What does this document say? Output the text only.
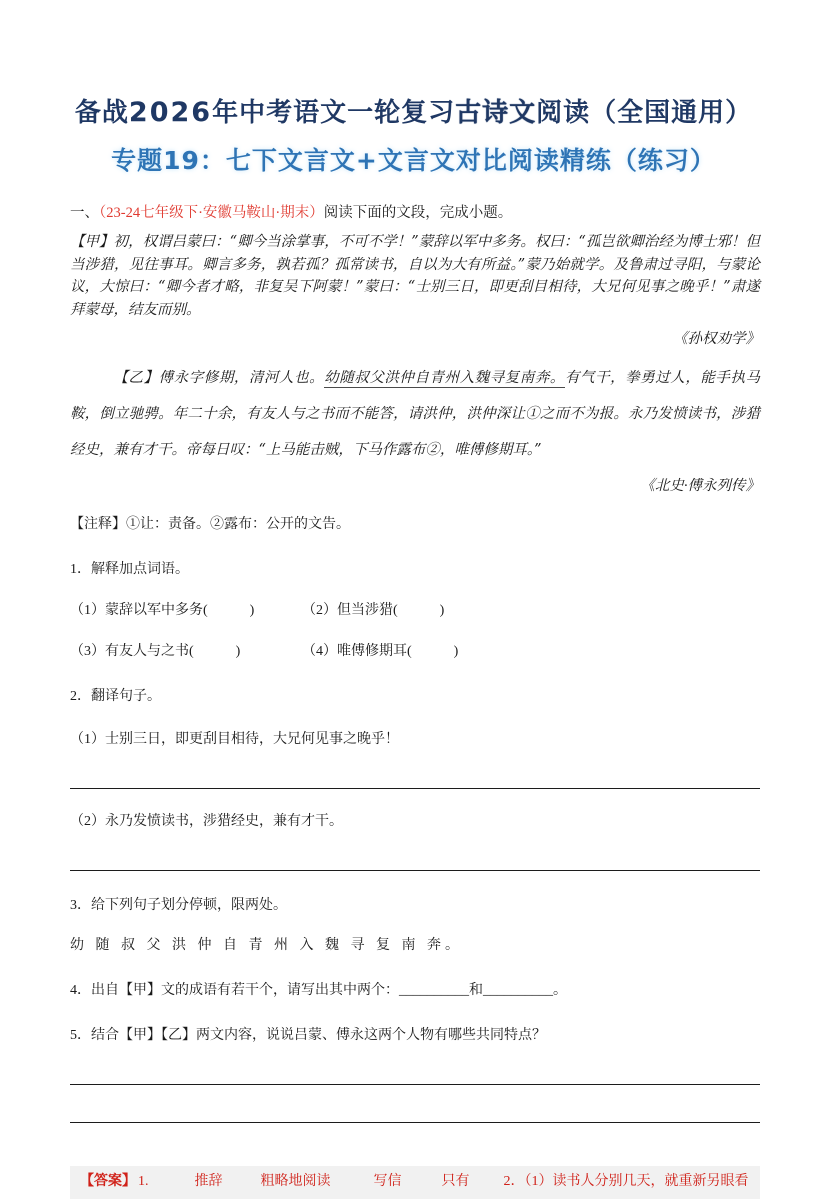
备战2026年中考语文一轮复习古诗文阅读（全国通用）
专题19：七下文言文+文言文对比阅读精练（练习）

一、（23-24七年级下·安徽马鞍山·期末）阅读下面的文段，完成小题。

【甲】初，权谓吕蒙曰：“卿今当涂掌事，不可不学！”蒙辞以军中多务。权曰：“孤岂欲卿治经为博士邪！但当涉猎，见往事耳。卿言多务，孰若孤？孤常读书，自以为大有所益。”蒙乃始就学。及鲁肃过寻阳，与蒙论议，大惊曰：“卿今者才略，非复吴下阿蒙！”蒙曰：“士别三日，即更刮目相待，大兄何见事之晚乎！”肃遂拜蒙母，结友而别。

《孙权劝学》

【乙】傅永字修期，清河人也。幼随叔父洪仲自青州入魏寻复南奔。有气干，拳勇过人，能手执马鞍，倒立驰骋。年二十余，有友人与之书而不能答，请洪仲，洪仲深让①之而不为报。永乃发愤读书，涉猎经史，兼有才干。帝每日叹：“上马能击贼，下马作露布②，唯傅修期耳。”

《北史·傅永列传》

【注释】①让：责备。②露布：公开的文告。

1．解释加点词语。

（1）蒙辞以军中多务(　　　)	（2）但当涉猎(　　　)

（3）有友人与之书(　　　)	（4）唯傅修期耳(　　　)

2．翻译句子。

（1）士别三日，即更刮目相待，大兄何见事之晚乎！

（2）永乃发愤读书，涉猎经史，兼有才干。

3．给下列句子划分停顿，限两处。

幼 随 叔 父 洪 仲 自 青 州 入 魏 寻 复 南 奔。

4．出自【甲】文的成语有若干个，请写出其中两个：__________和__________。

5．结合【甲】【乙】两文内容，说说吕蒙、傅永这两个人物有哪些共同特点？

【答案】 1.	推辞	粗略地阅读	写信	只有 2．（1）读书人分别几天，就重新另眼看
